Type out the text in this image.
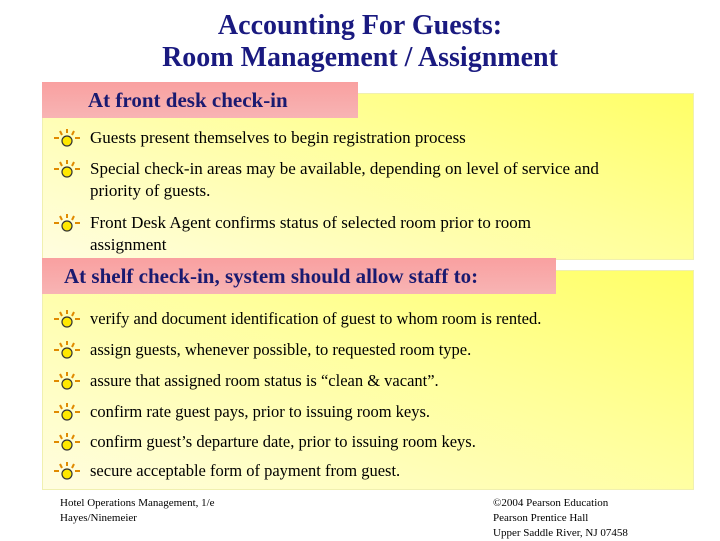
Accounting For Guests:
Room Management / Assignment
At front desk check-in
At shelf check-in, system should allow staff to:
Guests present themselves to begin registration process
Special check-in areas may be available, depending on level of service and priority of guests.
Front Desk Agent confirms status of selected room prior to room assignment
verify and document identification of guest to whom room is rented.
assign guests, whenever possible, to requested room type.
assure that assigned room status is “clean & vacant”.
confirm rate guest pays, prior to issuing room keys.
confirm guest’s departure date, prior to issuing room keys.
secure acceptable form of payment from guest.
Hotel Operations Management, 1/e
Hayes/Ninemeier
©2004 Pearson Education
Pearson Prentice Hall
Upper Saddle River, NJ 07458
